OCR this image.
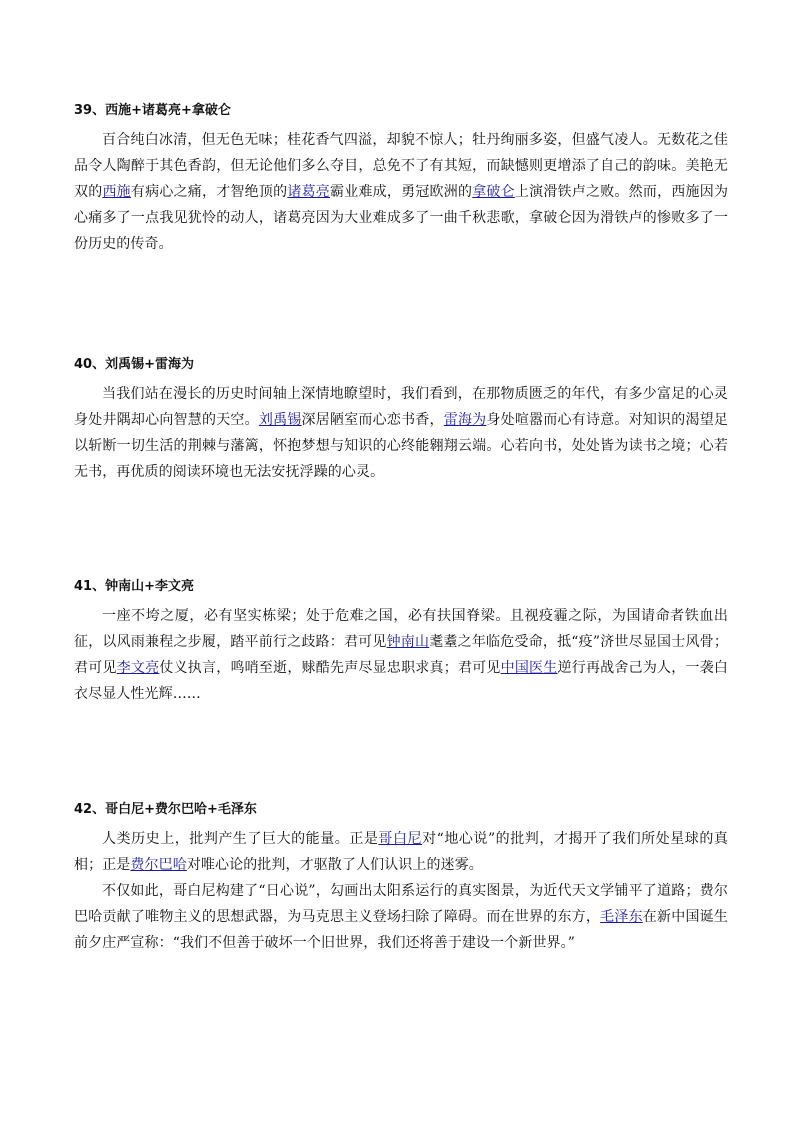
39、西施+诸葛亮+拿破仑

百合纯白冰清，但无色无味；桂花香气四溢，却貌不惊人；牡丹绚丽多姿，但盛气凌人。无数花之佳品令人陶醉于其色香韵，但无论他们多么夺目，总免不了有其短，而缺憾则更增添了自己的韵味。美艳无双的西施有病心之痛，才智绝顶的诸葛亮霸业难成，勇冠欧洲的拿破仑上演滑铁卢之败。然而，西施因为心痛多了一点我见犹怜的动人，诸葛亮因为大业难成多了一曲千秋悲歌，拿破仑因为滑铁卢的惨败多了一份历史的传奇。

40、刘禹锡+雷海为

当我们站在漫长的历史时间轴上深情地瞭望时，我们看到，在那物质匮乏的年代，有多少富足的心灵身处井隅却心向智慧的天空。刘禹锡深居陋室而心恋书香，雷海为身处喧嚣而心有诗意。对知识的渴望足以斩断一切生活的荆棘与藩篱，怀抱梦想与知识的心终能翱翔云端。心若向书，处处皆为读书之境；心若无书，再优质的阅读环境也无法安抚浮躁的心灵。

41、钟南山+李文亮

一座不垮之厦，必有坚实栋梁；处于危难之国，必有扶国脊梁。且视疫霾之际，为国请命者铁血出征，以风雨兼程之步履，踏平前行之歧路：君可见钟南山耄耋之年临危受命，抵“疫”济世尽显国士风骨；君可见李文亮仗义执言，鸣哨至逝，赇酷先声尽显忠职求真；君可见中国医生逆行再战舍己为人，一袭白衣尽显人性光辉……

42、哥白尼+费尔巴哈+毛泽东

人类历史上，批判产生了巨大的能量。正是哥白尼对“地心说”的批判，才揭开了我们所处星球的真相；正是费尔巴哈对唯心论的批判，才驱散了人们认识上的迷雾。

不仅如此，哥白尼构建了“日心说”，勾画出太阳系运行的真实图景，为近代天文学铺平了道路；费尔巴哈贡献了唯物主义的思想武器，为马克思主义登场扫除了障碍。而在世界的东方，毛泽东在新中国诞生前夕庄严宣称：“我们不但善于破坏一个旧世界，我们还将善于建设一个新世界。”
